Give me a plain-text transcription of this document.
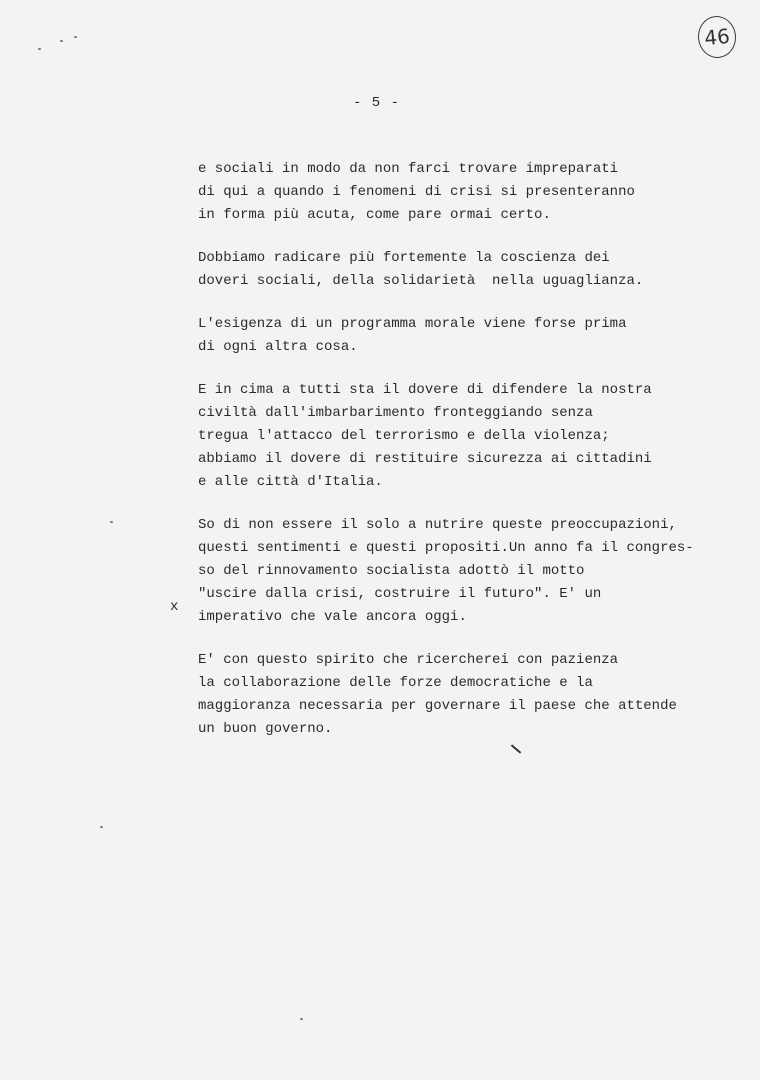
46
- 5 -
x
e sociali in modo da non farci trovare impreparati
di qui a quando i fenomeni di crisi si presenteranno
in forma più acuta, come pare ormai certo.
Dobbiamo radicare più fortemente la coscienza dei
doveri sociali, della solidarietà  nella uguaglianza.
L'esigenza di un programma morale viene forse prima
di ogni altra cosa.
E in cima a tutti sta il dovere di difendere la nostra
civiltà dall'imbarbarimento fronteggiando senza
tregua l'attacco del terrorismo e della violenza;
abbiamo il dovere di restituire sicurezza ai cittadini
e alle città d'Italia.
So di non essere il solo a nutrire queste preoccupazioni,
questi sentimenti e questi propositi.Un anno fa il congres-
so del rinnovamento socialista adottò il motto
"uscire dalla crisi, costruire il futuro". E' un
imperativo che vale ancora oggi.
E' con questo spirito che ricercherei con pazienza
la collaborazione delle forze democratiche e la
maggioranza necessaria per governare il paese che attende
un buon governo.
